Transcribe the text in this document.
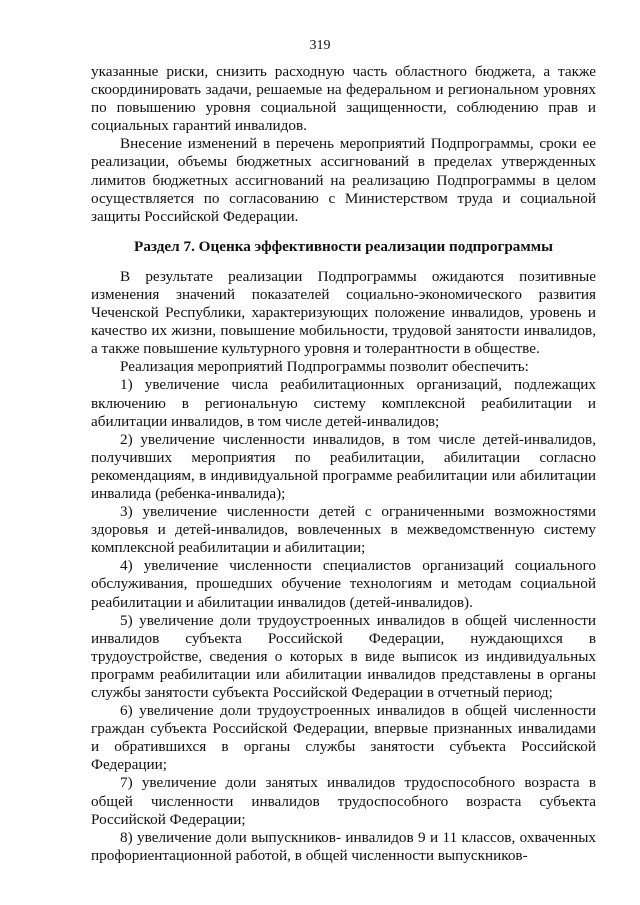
319

указанные риски, снизить расходную часть областного бюджета, а также скоординировать задачи, решаемые на федеральном и региональном уровнях по повышению уровня социальной защищенности, соблюдению прав и социальных гарантий инвалидов.

Внесение изменений в перечень мероприятий Подпрограммы, сроки ее реализации, объемы бюджетных ассигнований в пределах утвержденных лимитов бюджетных ассигнований на реализацию Подпрограммы в целом осуществляется по согласованию с Министерством труда и социальной защиты Российской Федерации.

Раздел 7. Оценка эффективности реализации подпрограммы

В результате реализации Подпрограммы ожидаются позитивные изменения значений показателей социально-экономического развития Чеченской Республики, характеризующих положение инвалидов, уровень и качество их жизни, повышение мобильности, трудовой занятости инвалидов, а также повышение культурного уровня и толерантности в обществе.

Реализация мероприятий Подпрограммы позволит обеспечить:

1) увеличение числа реабилитационных организаций, подлежащих включению в региональную систему комплексной реабилитации и абилитации инвалидов, в том числе детей-инвалидов;

2) увеличение численности инвалидов, в том числе детей-инвалидов, получивших мероприятия по реабилитации, абилитации согласно рекомендациям, в индивидуальной программе реабилитации или абилитации инвалида (ребенка-инвалида);

3) увеличение численности детей с ограниченными возможностями здоровья и детей-инвалидов, вовлеченных в межведомственную систему комплексной реабилитации и абилитации;

4) увеличение численности специалистов организаций социального обслуживания, прошедших обучение технологиям и методам социальной реабилитации и абилитации инвалидов (детей-инвалидов).

5) увеличение доли трудоустроенных инвалидов в общей численности инвалидов субъекта Российской Федерации, нуждающихся в трудоустройстве, сведения о которых в виде выписок из индивидуальных программ реабилитации или абилитации инвалидов представлены в органы службы занятости субъекта Российской Федерации в отчетный период;

6) увеличение доли трудоустроенных инвалидов в общей численности граждан субъекта Российской Федерации, впервые признанных инвалидами и обратившихся в органы службы занятости субъекта Российской Федерации;

7) увеличение доли занятых инвалидов трудоспособного возраста в общей численности инвалидов трудоспособного возраста субъекта Российской Федерации;

8) увеличение доли выпускников- инвалидов 9 и 11 классов, охваченных профориентационной работой, в общей численности выпускников-
